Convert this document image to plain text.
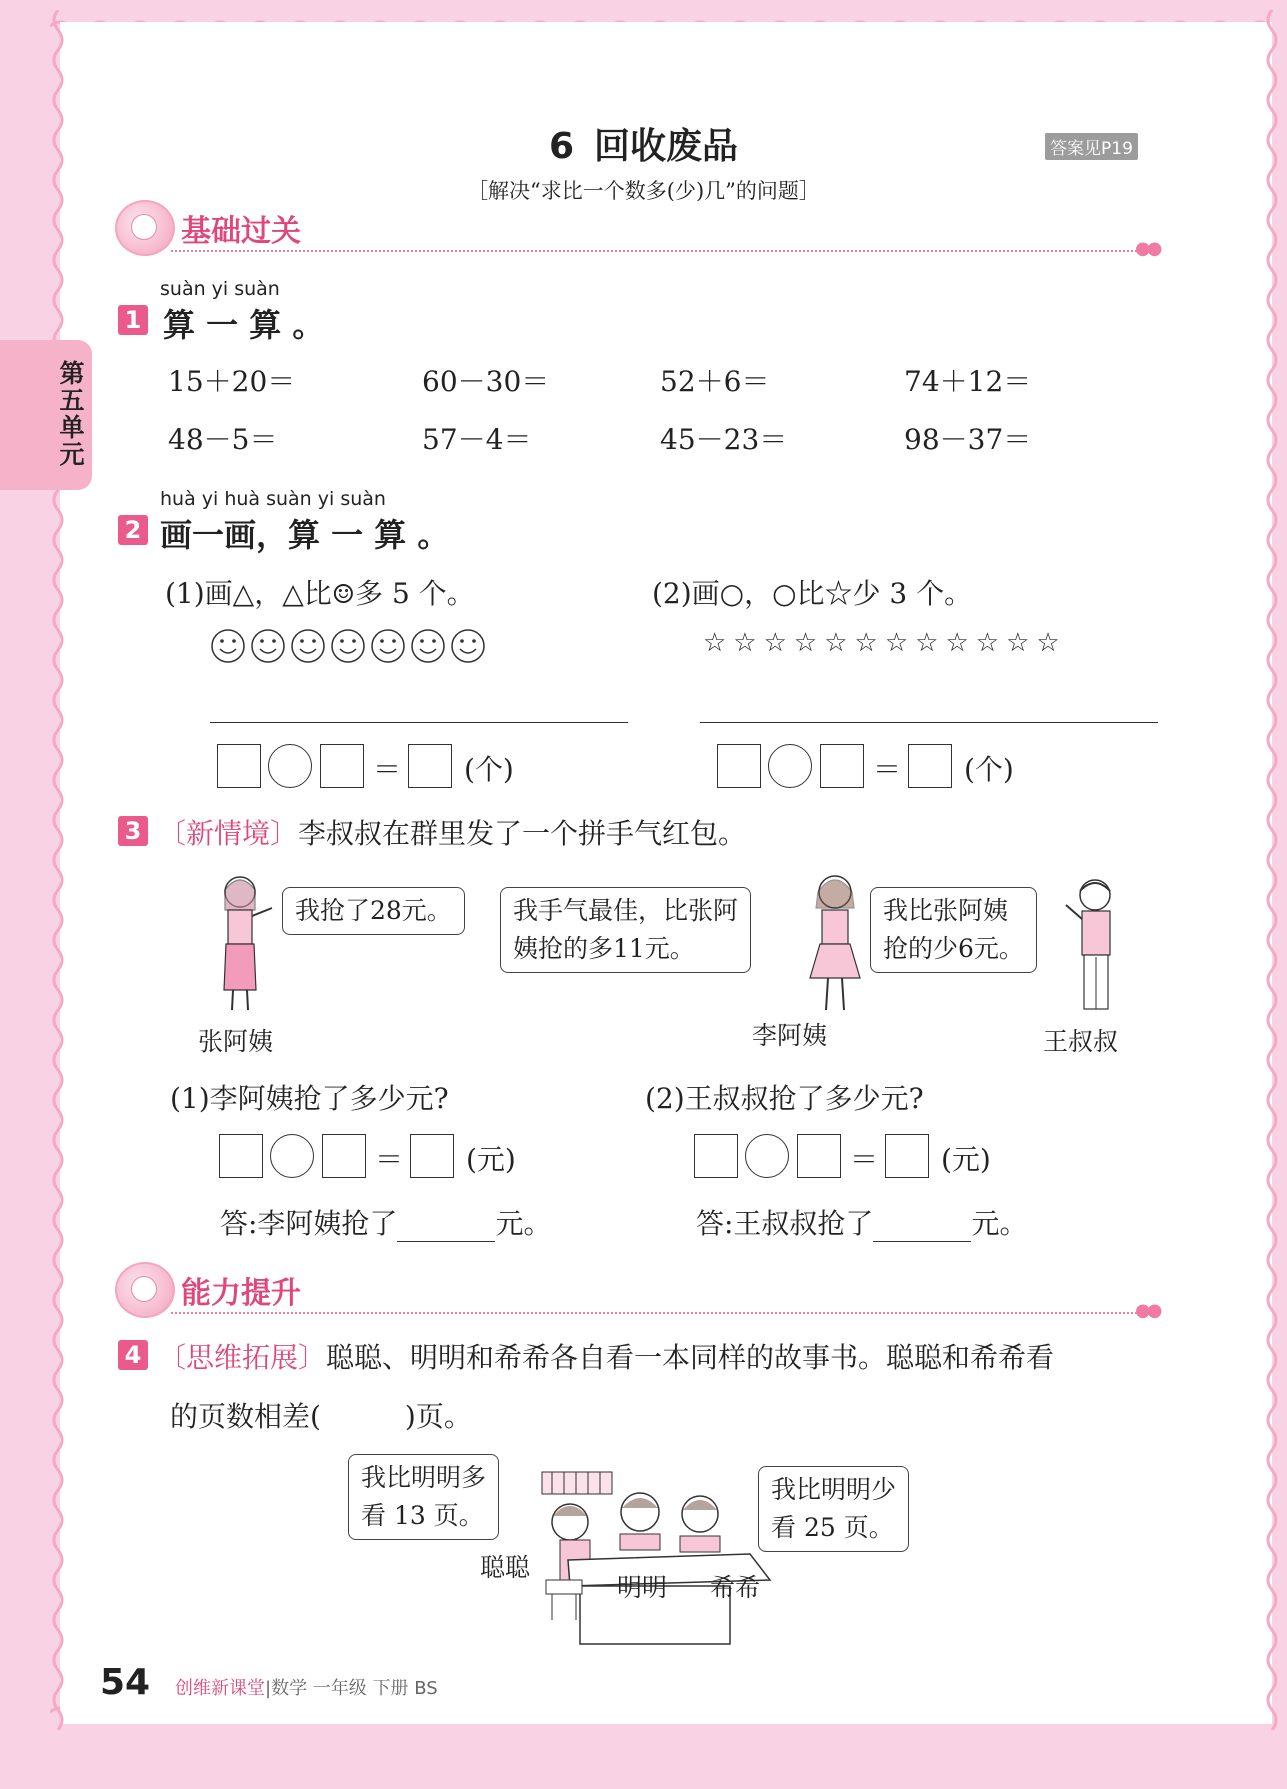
第五单元
6 回收废品	答案见P19
［解决“求比一个数多(少)几”的问题］
基础过关	●●
suàn yi suàn
1 算 一 算 。
15＋20＝	60－30＝	52＋6＝	74＋12＝
48－5＝	57－4＝	45－23＝	98－37＝
huà yi huà suàn yi suàn
2 画一画，算 一 算 。
(1)画△，△比☺多 5 个。	(2)画○，○比☆少 3 个。
☆☆☆☆☆☆☆☆☆☆☆☆
＝ (个)	＝ (个)
3 〔新情境〕李叔叔在群里发了一个拼手气红包。
我抢了28元。	我手气最佳，比张阿
姨抢的多11元。
我比张阿姨
抢的少6元。
张阿姨	李阿姨	王叔叔
(1)李阿姨抢了多少元?	(2)王叔叔抢了多少元?
＝ (元)	＝ (元)
答:李阿姨抢了	元。	答:王叔叔抢了	元。
能力提升	●●
4 〔思维拓展〕聪聪、明明和希希各自看一本同样的故事书。聪聪和希希看
的页数相差(　　　)页。
我比明明多
看 13 页。
我比明明少
看 25 页。
聪聪
明明 希希
54 创维新课堂|数学 一年级 下册 BS
